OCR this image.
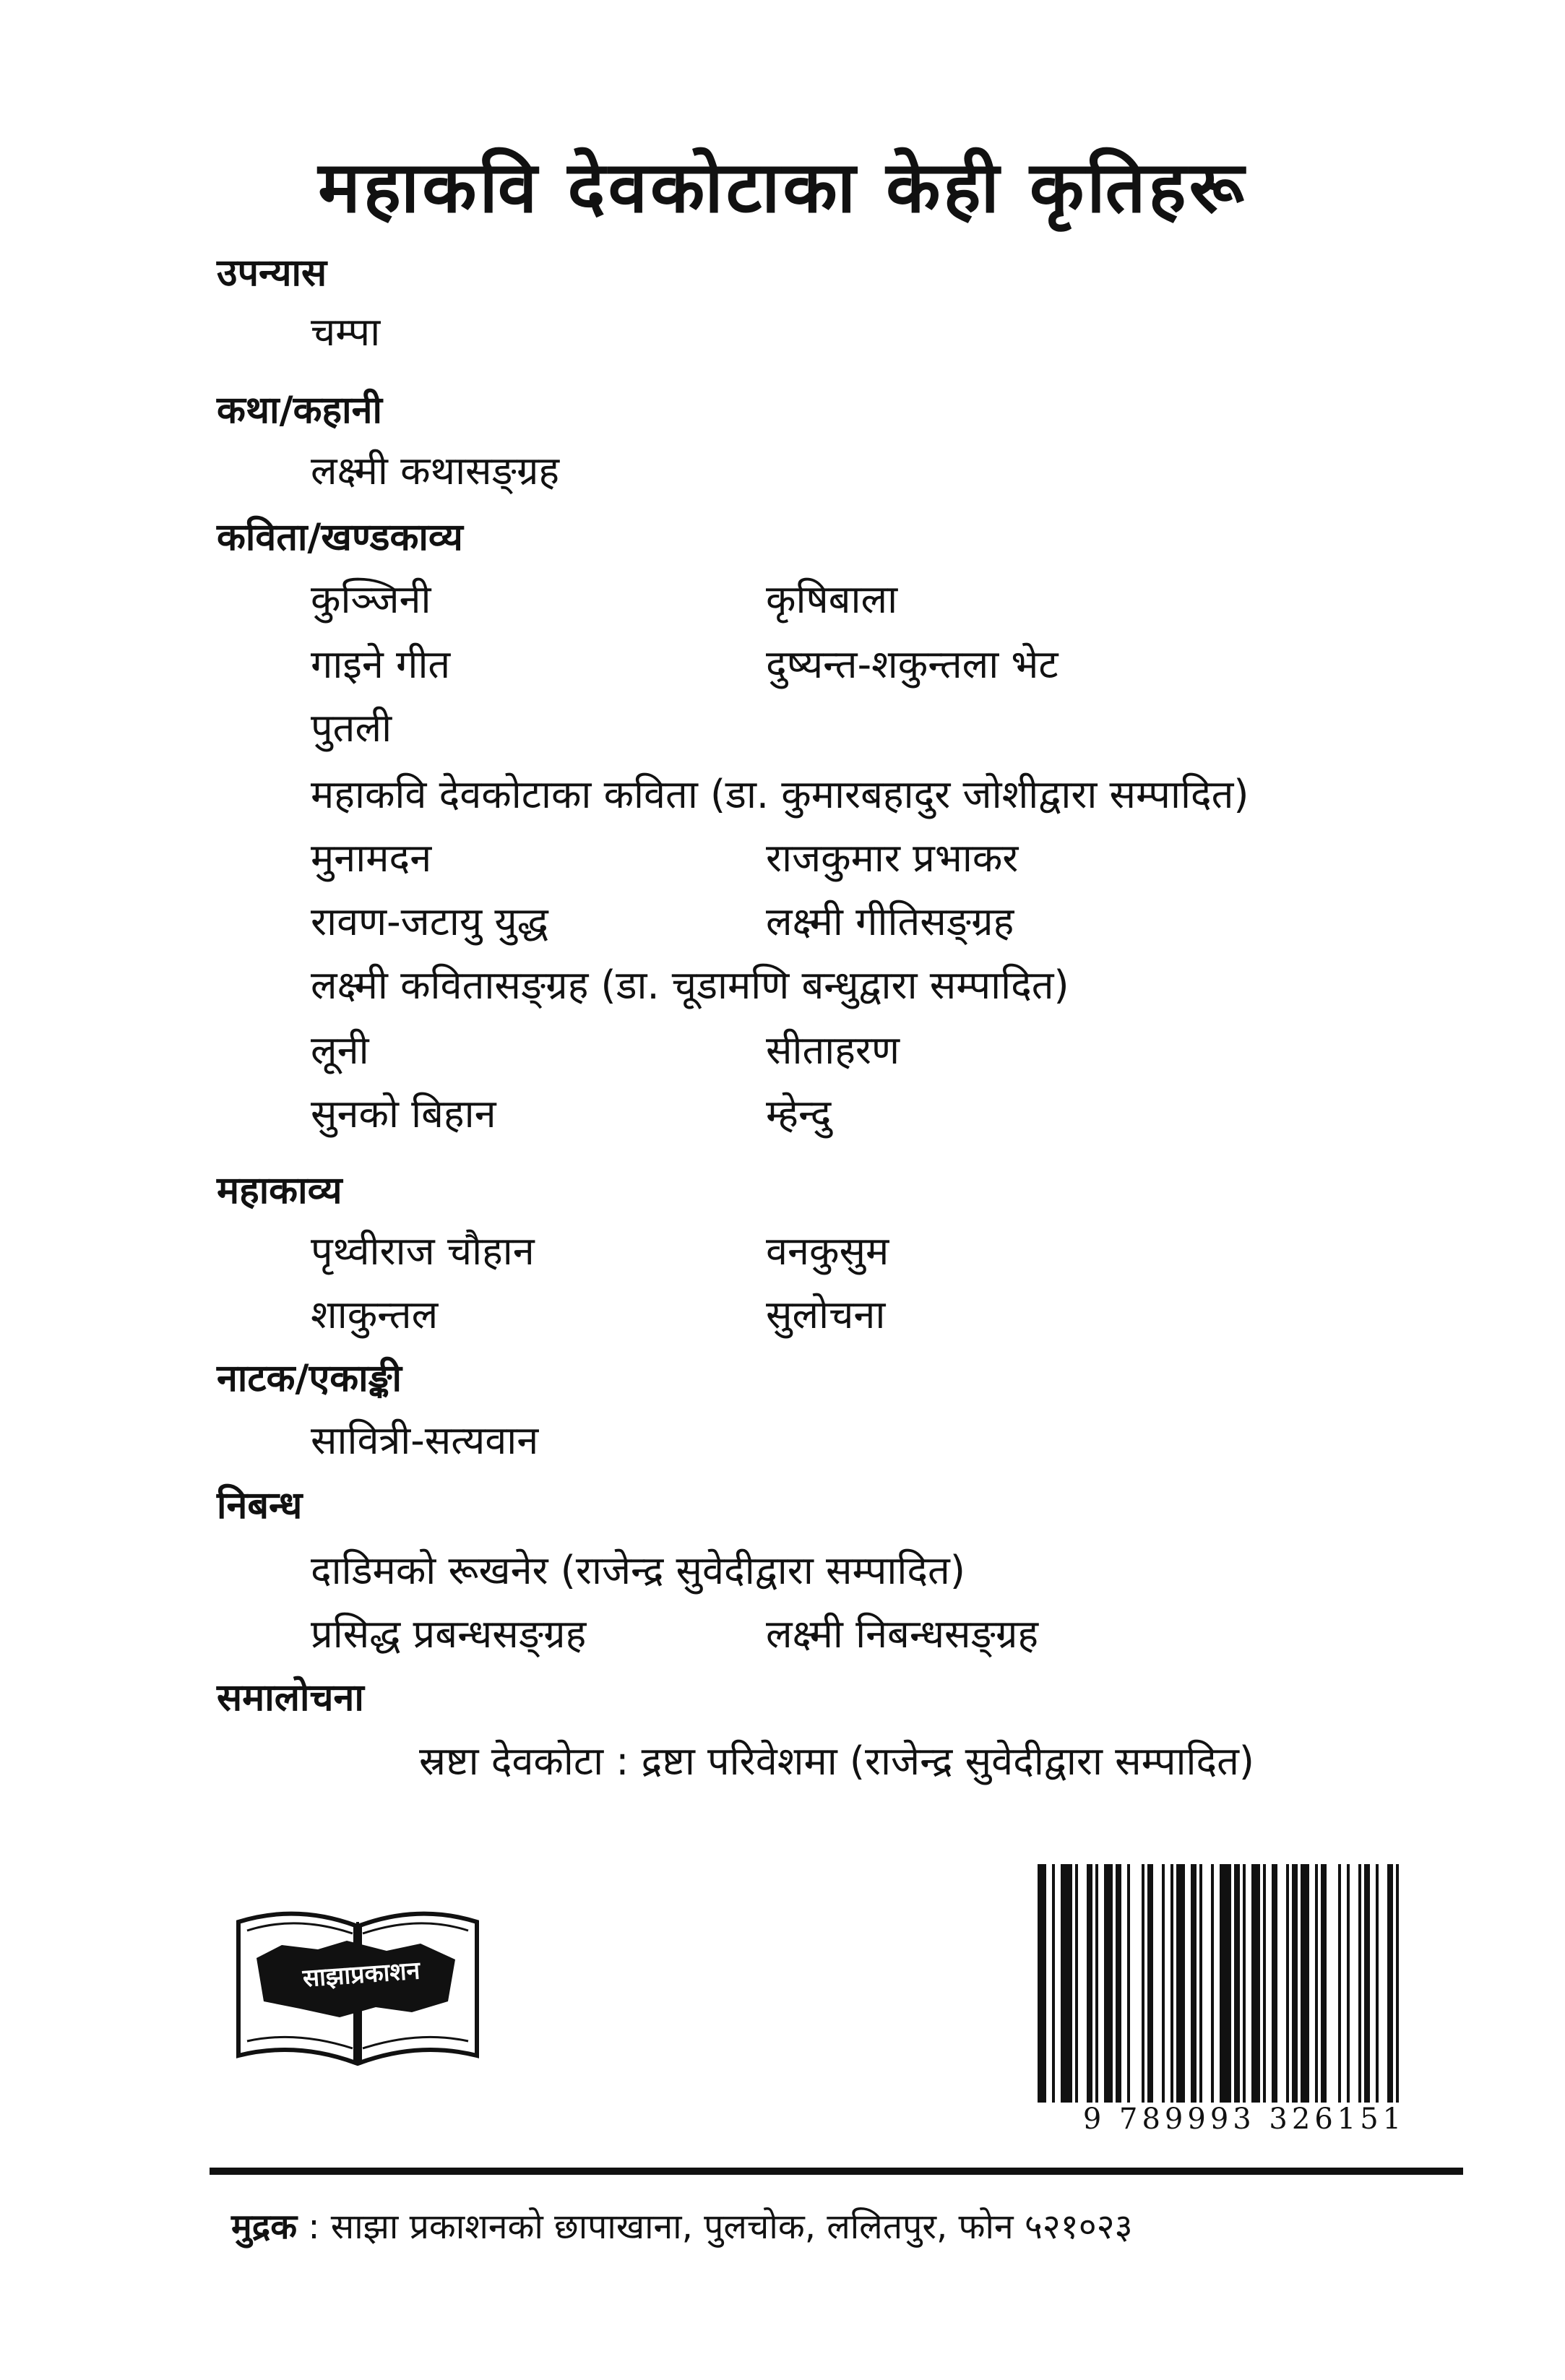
महाकवि देवकोटाका केही कृतिहरू
उपन्यास
चम्पा
कथा/कहानी
लक्ष्मी कथासङ्ग्रह
कविता/खण्डकाव्य
कुञ्जिनी	कृषिबाला
गाइने गीत	दुष्यन्त-शकुन्तला भेट
पुतली
महाकवि देवकोटाका कविता (डा. कुमारबहादुर जोशीद्वारा सम्पादित)
मुनामदन	राजकुमार प्रभाकर
रावण-जटायु युद्ध	लक्ष्मी गीतिसङ्ग्रह
लक्ष्मी कवितासङ्ग्रह (डा. चूडामणि बन्धुद्वारा सम्पादित)
लूनी	सीताहरण
सुनको बिहान	म्हेन्दु
महाकाव्य
पृथ्वीराज चौहान	वनकुसुम
शाकुन्तल	सुलोचना
नाटक/एकाङ्की
सावित्री-सत्यवान
निबन्ध
दाडिमको रूखनेर (राजेन्द्र सुवेदीद्वारा सम्पादित)
प्रसिद्ध प्रबन्धसङ्ग्रह	लक्ष्मी निबन्धसङ्ग्रह
समालोचना
स्रष्टा देवकोटा : द्रष्टा परिवेशमा (राजेन्द्र सुवेदीद्वारा सम्पादित)
साझाप्रकाशन
9 789993 326151
मुद्रक : साझा प्रकाशनको छापाखाना, पुलचोक, ललितपुर, फोन ५२१०२३
